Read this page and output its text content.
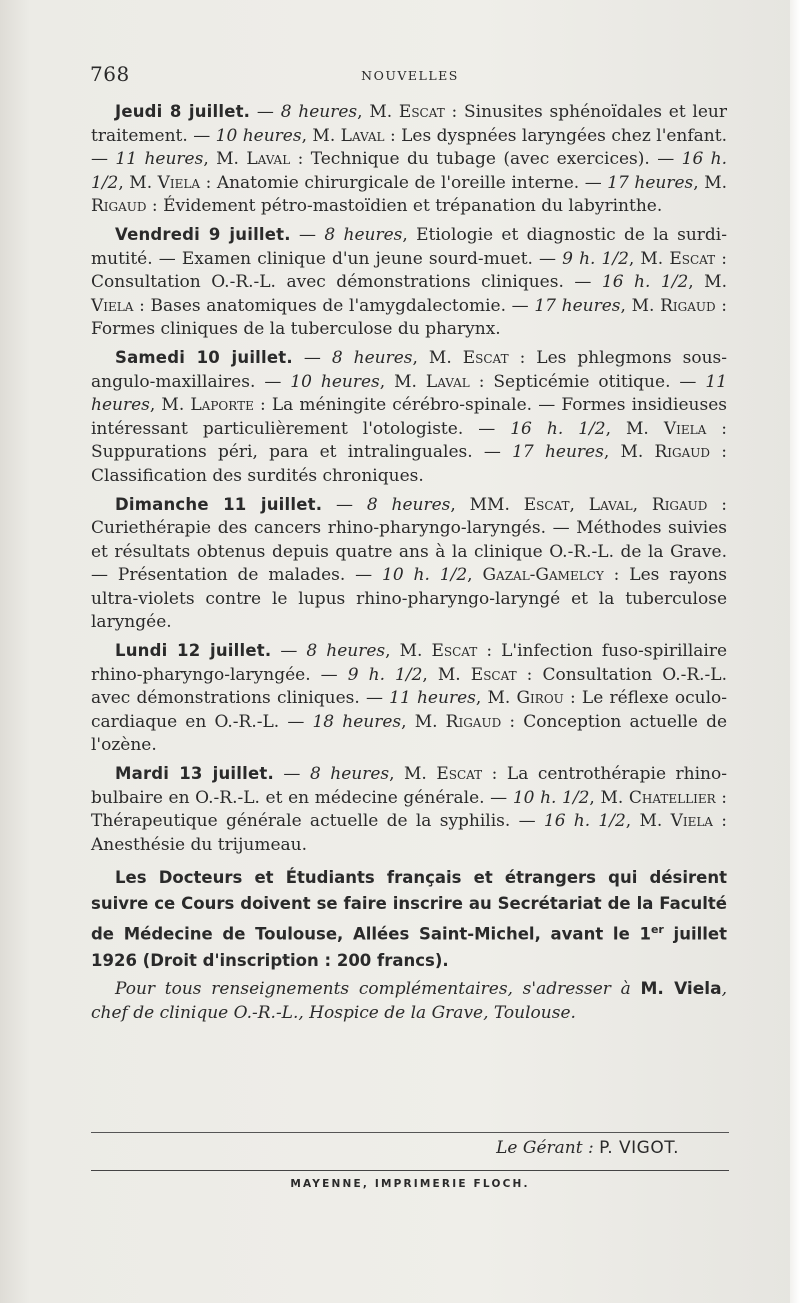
768	NOUVELLES

Jeudi 8 juillet. — 8 heures, M. Escat : Sinusites sphénoïdales et leur traitement. — 10 heures, M. Laval : Les dyspnées laryngées chez l'enfant. — 11 heures, M. Laval : Technique du tubage (avec exercices). — 16 h. 1/2, M. Viela : Anatomie chirurgicale de l'oreille interne. — 17 heures, M. Rigaud : Évidement pétro-mastoïdien et trépanation du labyrinthe.

Vendredi 9 juillet. — 8 heures, Etiologie et diagnostic de la surdi-mutité. — Examen clinique d'un jeune sourd-muet. — 9 h. 1/2, M. Escat : Consultation O.-R.-L. avec démonstrations cliniques. — 16 h. 1/2, M. Viela : Bases anatomiques de l'amygdalectomie. — 17 heures, M. Rigaud : Formes cliniques de la tuberculose du pharynx.

Samedi 10 juillet. — 8 heures, M. Escat : Les phlegmons sous-angulo-maxillaires. — 10 heures, M. Laval : Septicémie otitique. — 11 heures, M. Laporte : La méningite cérébro-spinale. — Formes insidieuses intéressant particulièrement l'otologiste. — 16 h. 1/2, M. Viela : Suppurations péri, para et intralinguales. — 17 heures, M. Rigaud : Classification des surdités chroniques.

Dimanche 11 juillet. — 8 heures, MM. Escat, Laval, Rigaud : Curiethérapie des cancers rhino-pharyngo-laryngés. — Méthodes suivies et résultats obtenus depuis quatre ans à la clinique O.-R.-L. de la Grave. — Présentation de malades. — 10 h. 1/2, Gazal-Gamelcy : Les rayons ultra-violets contre le lupus rhino-pharyngo-laryngé et la tuberculose laryngée.

Lundi 12 juillet. — 8 heures, M. Escat : L'infection fuso-spirillaire rhino-pharyngo-laryngée. — 9 h. 1/2, M. Escat : Consultation O.-R.-L. avec démonstrations cliniques. — 11 heures, M. Girou : Le réflexe oculo-cardiaque en O.-R.-L. — 18 heures, M. Rigaud : Conception actuelle de l'ozène.

Mardi 13 juillet. — 8 heures, M. Escat : La centrothérapie rhino-bulbaire en O.-R.-L. et en médecine générale. — 10 h. 1/2, M. Chatellier : Thérapeutique générale actuelle de la syphilis. — 16 h. 1/2, M. Viela : Anesthésie du trijumeau.

Les Docteurs et Étudiants français et étrangers qui désirent suivre ce Cours doivent se faire inscrire au Secrétariat de la Faculté de Médecine de Toulouse, Allées Saint-Michel, avant le 1er juillet 1926 (Droit d'inscription : 200 francs).

Pour tous renseignements complémentaires, s'adresser à M. Viela, chef de clinique O.-R.-L., Hospice de la Grave, Toulouse.

Le Gérant : P. VIGOT.
MAYENNE, IMPRIMERIE FLOCH.
